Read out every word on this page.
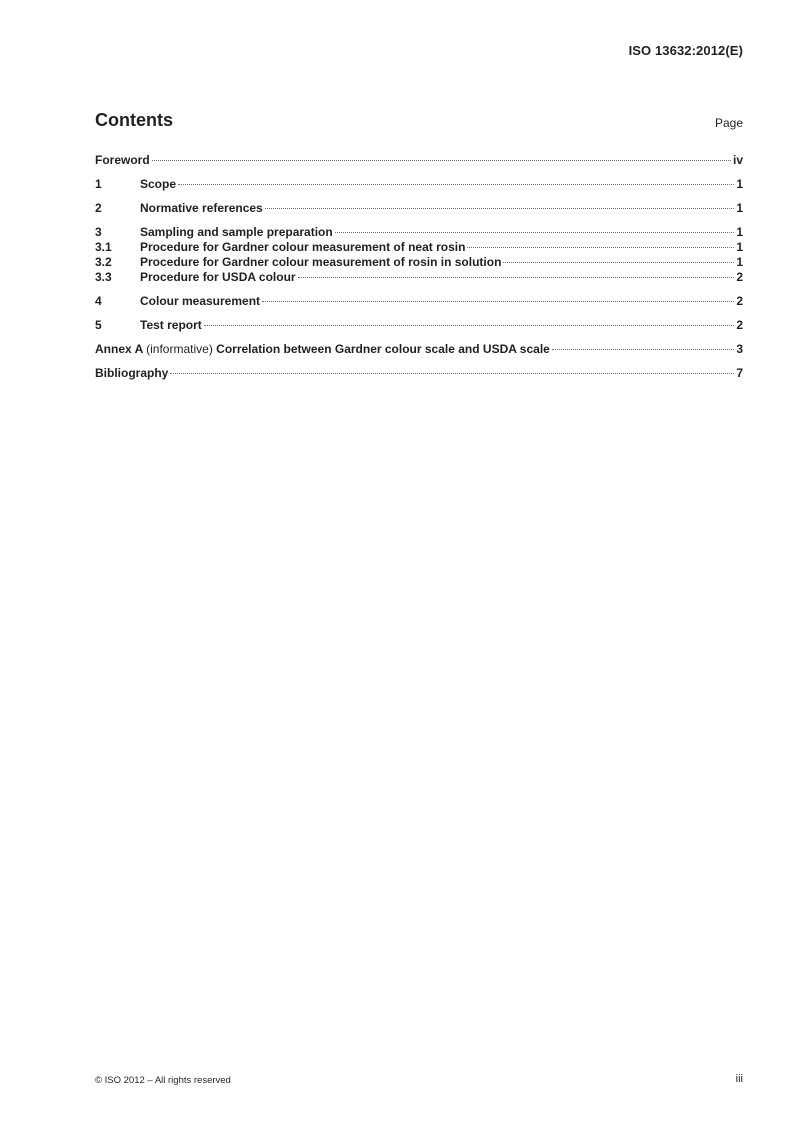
ISO 13632:2012(E)
Contents	Page
Foreword	iv
1	Scope	1
2	Normative references	1
3	Sampling and sample preparation	1
3.1	Procedure for Gardner colour measurement of neat rosin	1
3.2	Procedure for Gardner colour measurement of rosin in solution	1
3.3	Procedure for USDA colour	2
4	Colour measurement	2
5	Test report	2
Annex A (informative) Correlation between Gardner colour scale and USDA scale	3
Bibliography	7
© ISO 2012 – All rights reserved	iii
